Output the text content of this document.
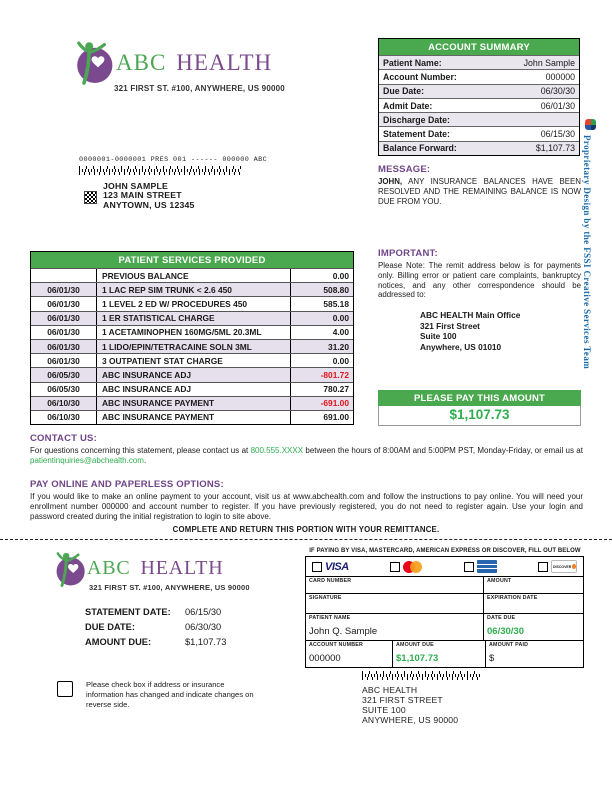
ABC HEALTH
321 FIRST ST. #100, ANYWHERE, US 90000
Proprietary Design by the FSSI Creative Services Team
ACCOUNT SUMMARY
Patient Name:	John Sample
Account Number:	000000
Due Date:	06/30/30
Admit Date:	06/01/30
Discharge Date:
Statement Date:	06/15/30
Balance Forward:	$1,107.73
0000001-0000001 PRES 001 ------ 000000 ABC
JOHN SAMPLE
123 MAIN STREET
ANYTOWN, US 12345
MESSAGE:
JOHN, ANY INSURANCE BALANCES HAVE BEEN RESOLVED AND THE REMAINING BALANCE IS NOW DUE FROM YOU.
PATIENT SERVICES PROVIDED
PREVIOUS BALANCE	0.00
06/01/30	1 LAC REP SIM TRUNK < 2.6 450	508.80
06/01/30	1 LEVEL 2 ED W/ PROCEDURES 450	585.18
06/01/30	1 ER STATISTICAL CHARGE	0.00
06/01/30	1 ACETAMINOPHEN 160MG/5ML 20.3ML	4.00
06/01/30	1 LIDO/EPIN/TETRACAINE SOLN 3ML	31.20
06/01/30	3 OUTPATIENT STAT CHARGE	0.00
06/05/30	ABC INSURANCE ADJ	-801.72
06/05/30	ABC INSURANCE ADJ	780.27
06/10/30	ABC INSURANCE PAYMENT	-691.00
06/10/30	ABC INSURANCE PAYMENT	691.00
IMPORTANT:
Please Note: The remit address below is for payments only. Billing error or patient care complaints, bankruptcy notices, and any other correspondence should be addressed to:
ABC HEALTH Main Office
321 First Street
Suite 100
Anywhere, US 01010
PLEASE PAY THIS AMOUNT
$1,107.73
CONTACT US:
For questions concerning this statement, please contact us at 800.555.XXXX between the hours of 8:00AM and 5:00PM PST, Monday-Friday, or email us at patientinquiries@abchealth.com.
PAY ONLINE AND PAPERLESS OPTIONS:
If you would like to make an online payment to your account, visit us at www.abchealth.com and follow the instructions to pay online. You will need your enrollment number 000000 and account number to register. If you have previously registered, you do not need to register again. Use your login and password created during the initial registration to login to site above.
COMPLETE AND RETURN THIS PORTION WITH YOUR REMITTANCE.
ABC HEALTH
321 FIRST ST. #100, ANYWHERE, US 90000
STATEMENT DATE:	06/15/30
DUE DATE:	06/30/30
AMOUNT DUE:	$1,107.73
IF PAYING BY VISA, MASTERCARD, AMERICAN EXPRESS OR DISCOVER, FILL OUT BELOW
VISA	DISCOVER
CARD NUMBER	AMOUNT
SIGNATURE	EXPIRATION DATE
PATIENT NAME
John Q. Sample
DATE DUE
06/30/30
ACCOUNT NUMBER
000000
AMOUNT DUE
$1,107.73
AMOUNT PAID
$
Please check box if address or insurance information has changed and indicate changes on reverse side.
ABC HEALTH
321 FIRST STREET
SUITE 100
ANYWHERE, US 90000
